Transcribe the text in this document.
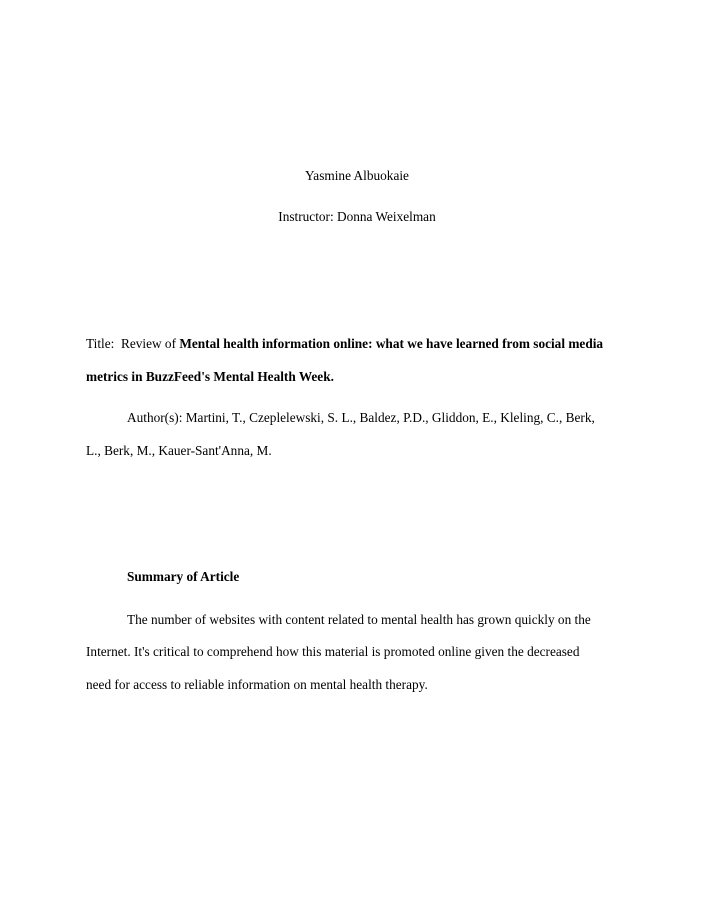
Yasmine Albuokaie
Instructor: Donna Weixelman
Title:  Review of Mental health information online: what we have learned from social media
metrics in BuzzFeed's Mental Health Week.
Author(s): Martini, T., Czeplelewski, S. L., Baldez, P.D., Gliddon, E., Kleling, C., Berk,
L., Berk, M., Kauer-Sant'Anna, M.
Summary of Article
The number of websites with content related to mental health has grown quickly on the
Internet. It's critical to comprehend how this material is promoted online given the decreased
need for access to reliable information on mental health therapy.
